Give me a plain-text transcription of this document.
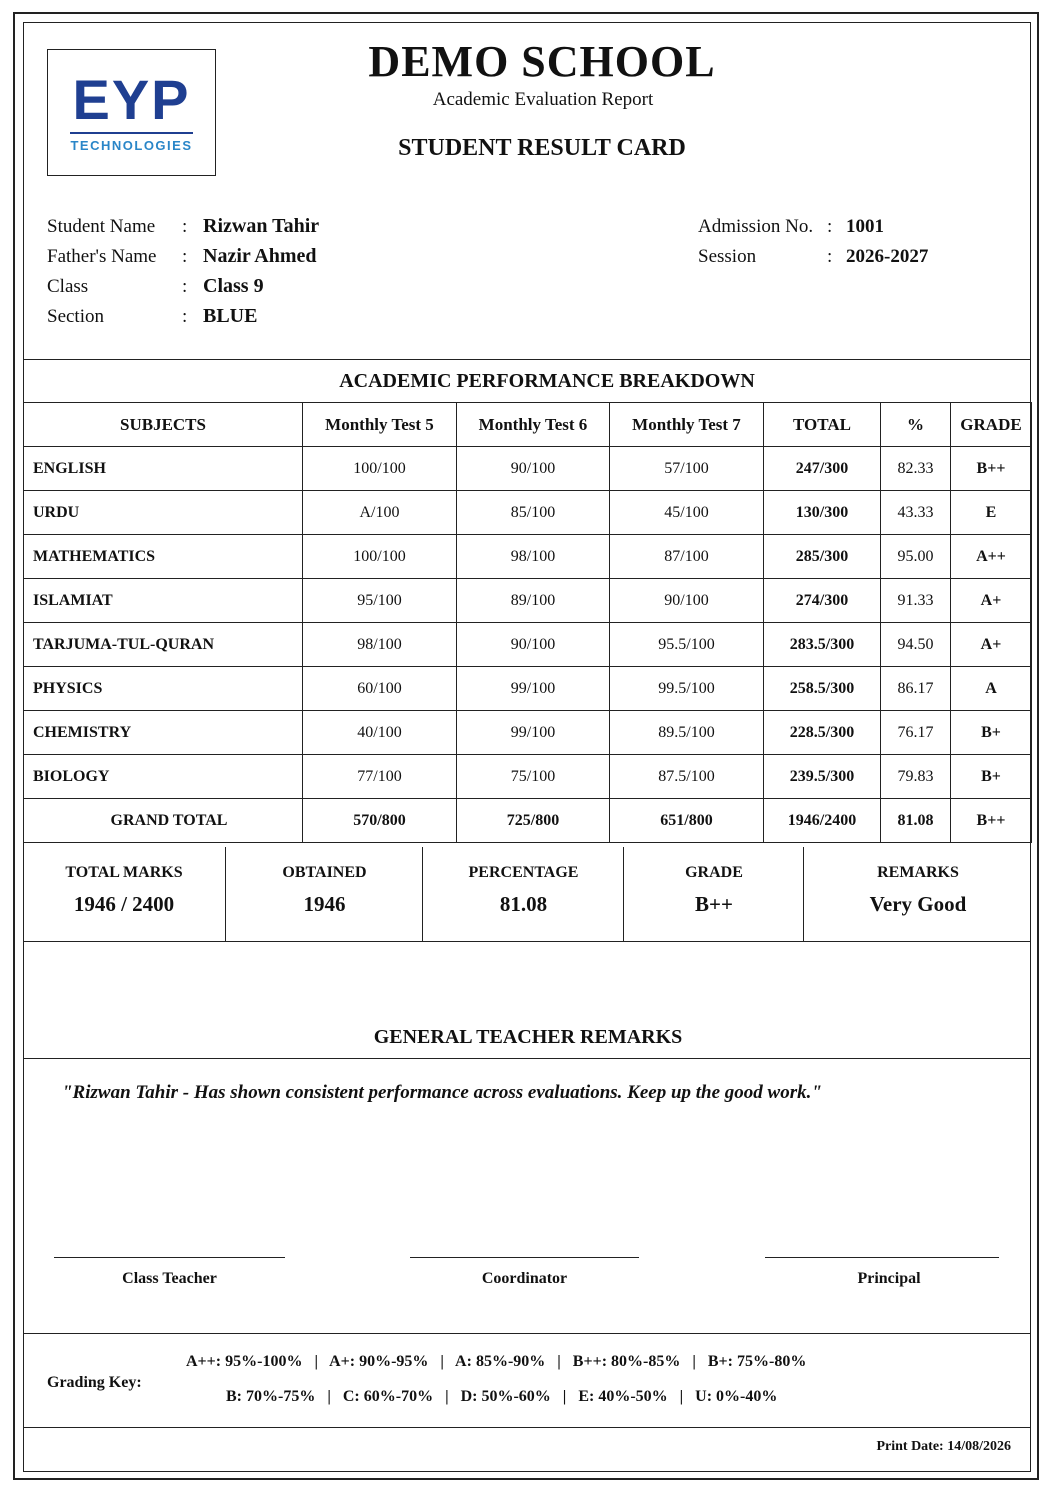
EYP
TECHNOLOGIES
DEMO SCHOOL
Academic Evaluation Report
STUDENT RESULT CARD
Student Name : Rizwan Tahir
Father's Name : Nazir Ahmed
Class	: Class 9
Section	: BLUE
Admission No. : 1001
Session	: 2026-2027
ACADEMIC PERFORMANCE BREAKDOWN
SUBJECTS	Monthly Test 5	Monthly Test 6	Monthly Test 7	TOTAL	%	GRADE
ENGLISH	100/100	90/100	57/100	247/300	82.33	B++
URDU	A/100	85/100	45/100	130/300	43.33	E
MATHEMATICS	100/100	98/100	87/100	285/300	95.00	A++
ISLAMIAT	95/100	89/100	90/100	274/300	91.33	A+
TARJUMA-TUL-QURAN	98/100	90/100	95.5/100	283.5/300	94.50	A+
PHYSICS	60/100	99/100	99.5/100	258.5/300	86.17	A
CHEMISTRY	40/100	99/100	89.5/100	228.5/300	76.17	B+
BIOLOGY	77/100	75/100	87.5/100	239.5/300	79.83	B+
GRAND TOTAL	570/800	725/800	651/800	1946/2400	81.08	B++
TOTAL MARKS
1946 / 2400
OBTAINED
1946
PERCENTAGE
81.08
GRADE
B++
REMARKS
Very Good
GENERAL TEACHER REMARKS
"Rizwan Tahir - Has shown consistent performance across evaluations. Keep up the good work."
Class Teacher	Coordinator	Principal
Grading Key:
A++: 95%-100%   |   A+: 90%-95%   |   A: 85%-90%   |   B++: 80%-85%   |   B+: 75%-80%
B: 70%-75%   |   C: 60%-70%   |   D: 50%-60%   |   E: 40%-50%   |   U: 0%-40%
Print Date: 14/08/2026
